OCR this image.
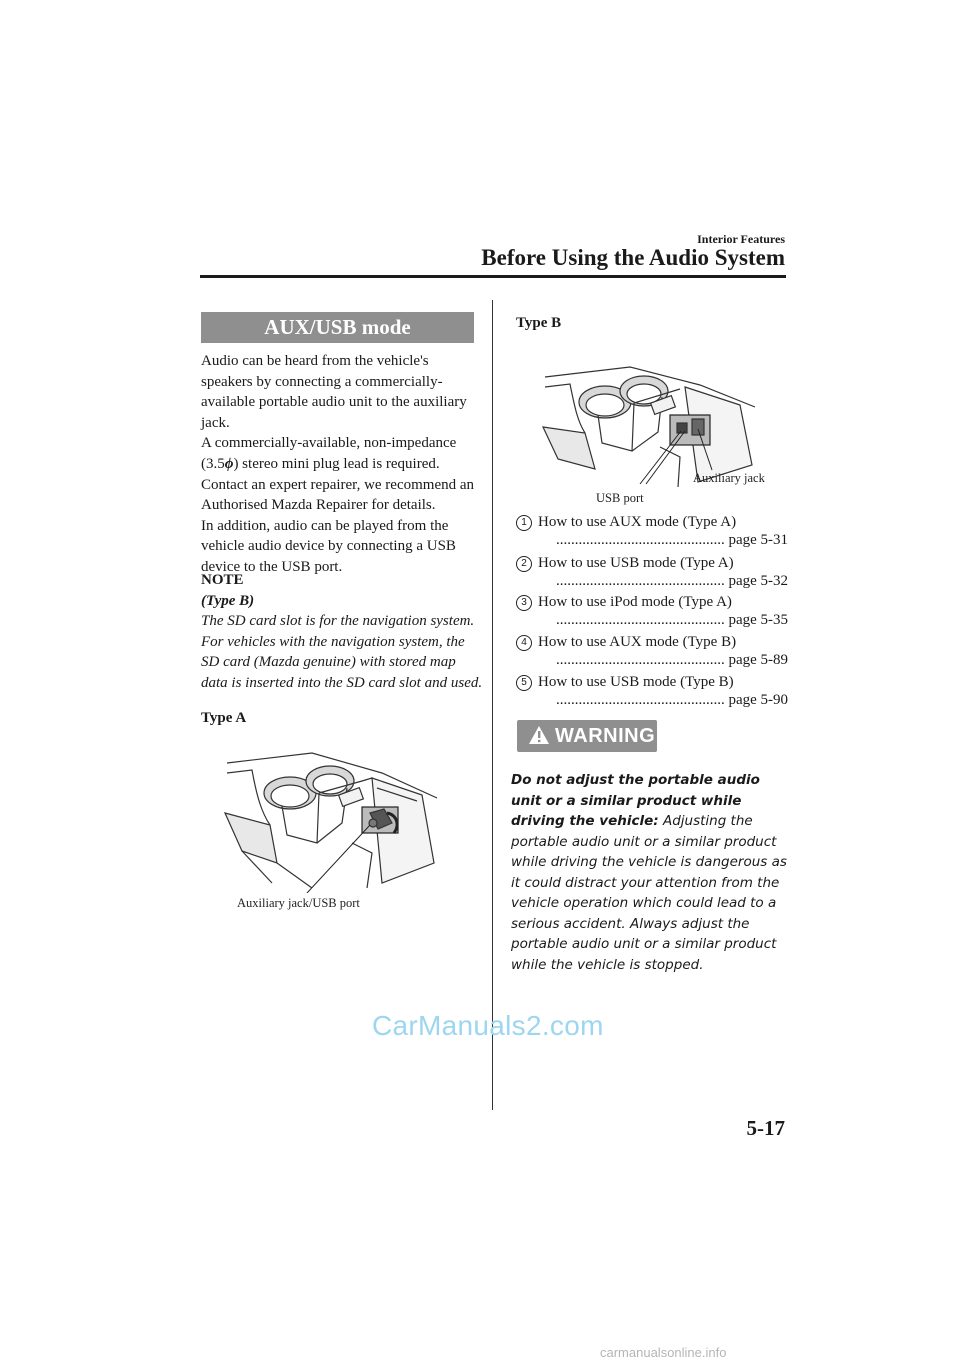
Interior Features
Before Using the Audio System
AUX/USB mode

Audio can be heard from the vehicle's speakers by connecting a commercially-available portable audio unit to the auxiliary jack.

A commercially-available, non-impedance (3.5ϕ) stereo mini plug lead is required.

Contact an expert repairer, we recommend an Authorised Mazda Repairer for details.

In addition, audio can be played from the vehicle audio device by connecting a USB device to the USB port.

NOTE
(Type B)
The SD card slot is for the navigation system. For vehicles with the navigation system, the SD card (Mazda genuine) with stored map data is inserted into the SD card slot and used.
Type A
Auxiliary jack/USB port
Type B
Auxiliary jack
USB port
1 How to use AUX mode (Type A)
............................................. page 5-31
2 How to use USB mode (Type A)
............................................. page 5-32
3 How to use iPod mode (Type A)
............................................. page 5-35
4 How to use AUX mode (Type B)
............................................. page 5-89
5 How to use USB mode (Type B)
............................................. page 5-90
WARNING
Do not adjust the portable audio unit or a similar product while driving the vehicle: Adjusting the portable audio unit or a similar product while driving the vehicle is dangerous as it could distract your attention from the vehicle operation which could lead to a serious accident. Always adjust the portable audio unit or a similar product while the vehicle is stopped.
CarManuals2.com
5-17
carmanualsonline.info
